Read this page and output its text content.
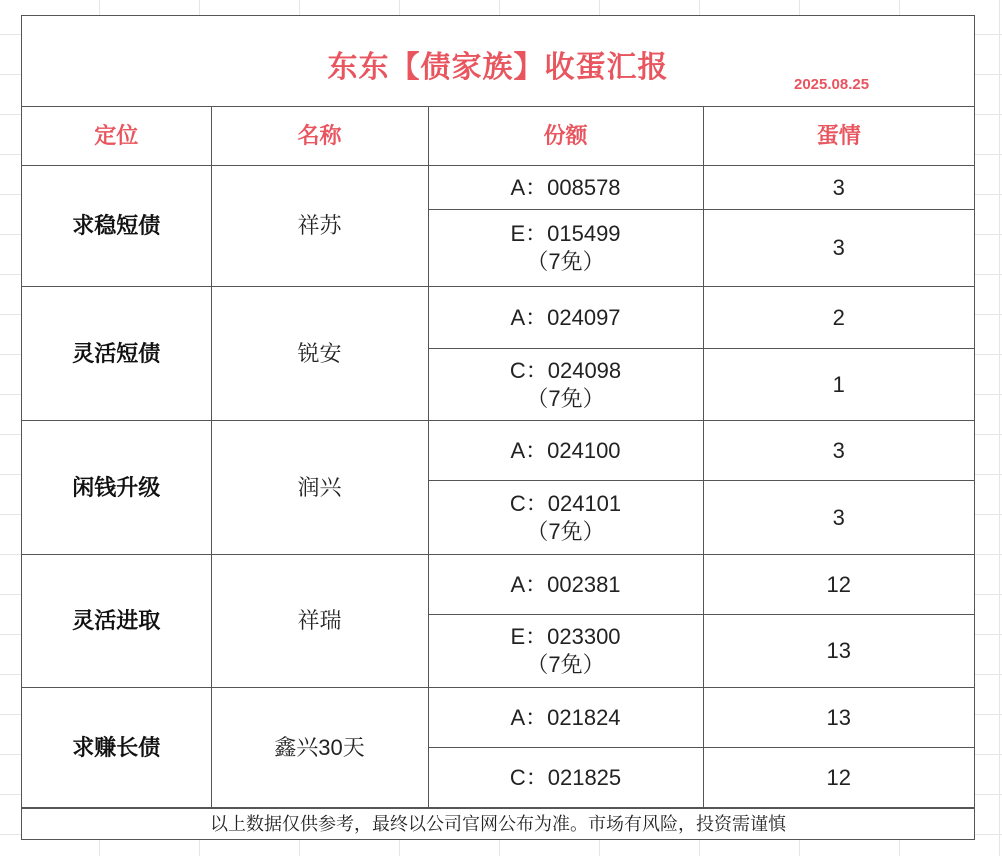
东东【债家族】收蛋汇报
2025.08.25
定位	名称	份额	蛋情
求稳短债	祥苏	A：008578	3

		E：015499
（7免）	3
灵活短债	锐安	A：024097	2

		C：024098
（7免）	1
闲钱升级	润兴	A：024100	3

		C：024101
（7免）	3
灵活进取	祥瑞	A：002381	12

		E：023300
（7免）	13
求赚长债	鑫兴30天	A：021824	13

		C：021825	12
以上数据仅供参考，最终以公司官网公布为准。市场有风险，投资需谨慎
